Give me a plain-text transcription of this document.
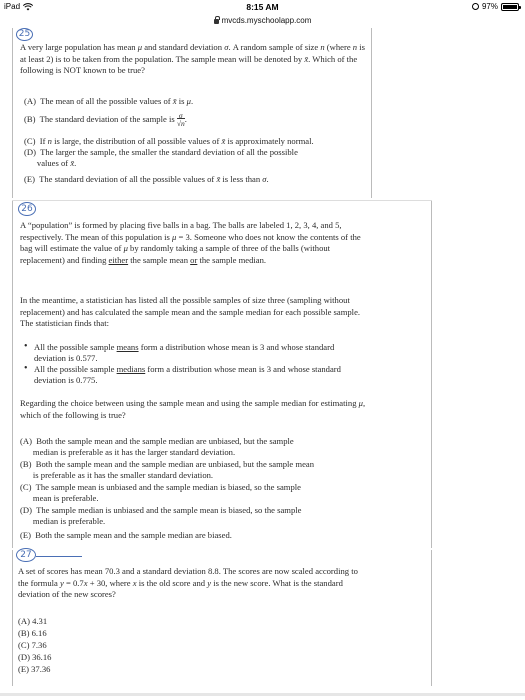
iPad	8:15 AM	97%
mvcds.myschoolapp.com
25
A very large population has mean μ and standard deviation σ. A random sample of size n (where n is at least 2) is to be taken from the population. The sample mean will be denoted by x̄. Which of the following is NOT known to be true?
(A)  The mean of all the possible values of x̄ is μ.
(B)  The standard deviation of the sample is $\frac{\sigma}{√n}$.
(C)  If n is large, the distribution of all possible values of x̄ is approximately normal.
(D)  The larger the sample, the smaller the standard deviation of all the possible
values of x̄.
(E)  The standard deviation of all the possible values of x̄ is less than σ.
26
A “population” is formed by placing five balls in a bag. The balls are labeled 1, 2, 3, 4, and 5, respectively. The mean of this population is μ = 3. Someone who does not know the contents of the bag will estimate the value of μ by randomly taking a sample of three of the balls (without replacement) and finding either the sample mean or the sample median.
In the meantime, a statistician has listed all the possible samples of size three (sampling without replacement) and has calculated the sample mean and the sample median for each possible sample. The statistician finds that:
• All the possible sample means form a distribution whose mean is 3 and whose standard deviation is 0.577.
• All the possible sample medians form a distribution whose mean is 3 and whose standard deviation is 0.775.
Regarding the choice between using the sample mean and using the sample median for estimating μ, which of the following is true?
(A)  Both the sample mean and the sample median are unbiased, but the sample
median is preferable as it has the larger standard deviation.
(B)  Both the sample mean and the sample median are unbiased, but the sample mean
is preferable as it has the smaller standard deviation.
(C)  The sample mean is unbiased and the sample median is biased, so the sample
mean is preferable.
(D)  The sample median is unbiased and the sample mean is biased, so the sample
median is preferable.
(E)  Both the sample mean and the sample median are biased.
27
A set of scores has mean 70.3 and a standard deviation 8.8. The scores are now scaled according to the formula y = 0.7x + 30, where x is the old score and y is the new score. What is the standard deviation of the new scores?
(A) 4.31
(B) 6.16
(C) 7.36
(D) 36.16
(E) 37.36
